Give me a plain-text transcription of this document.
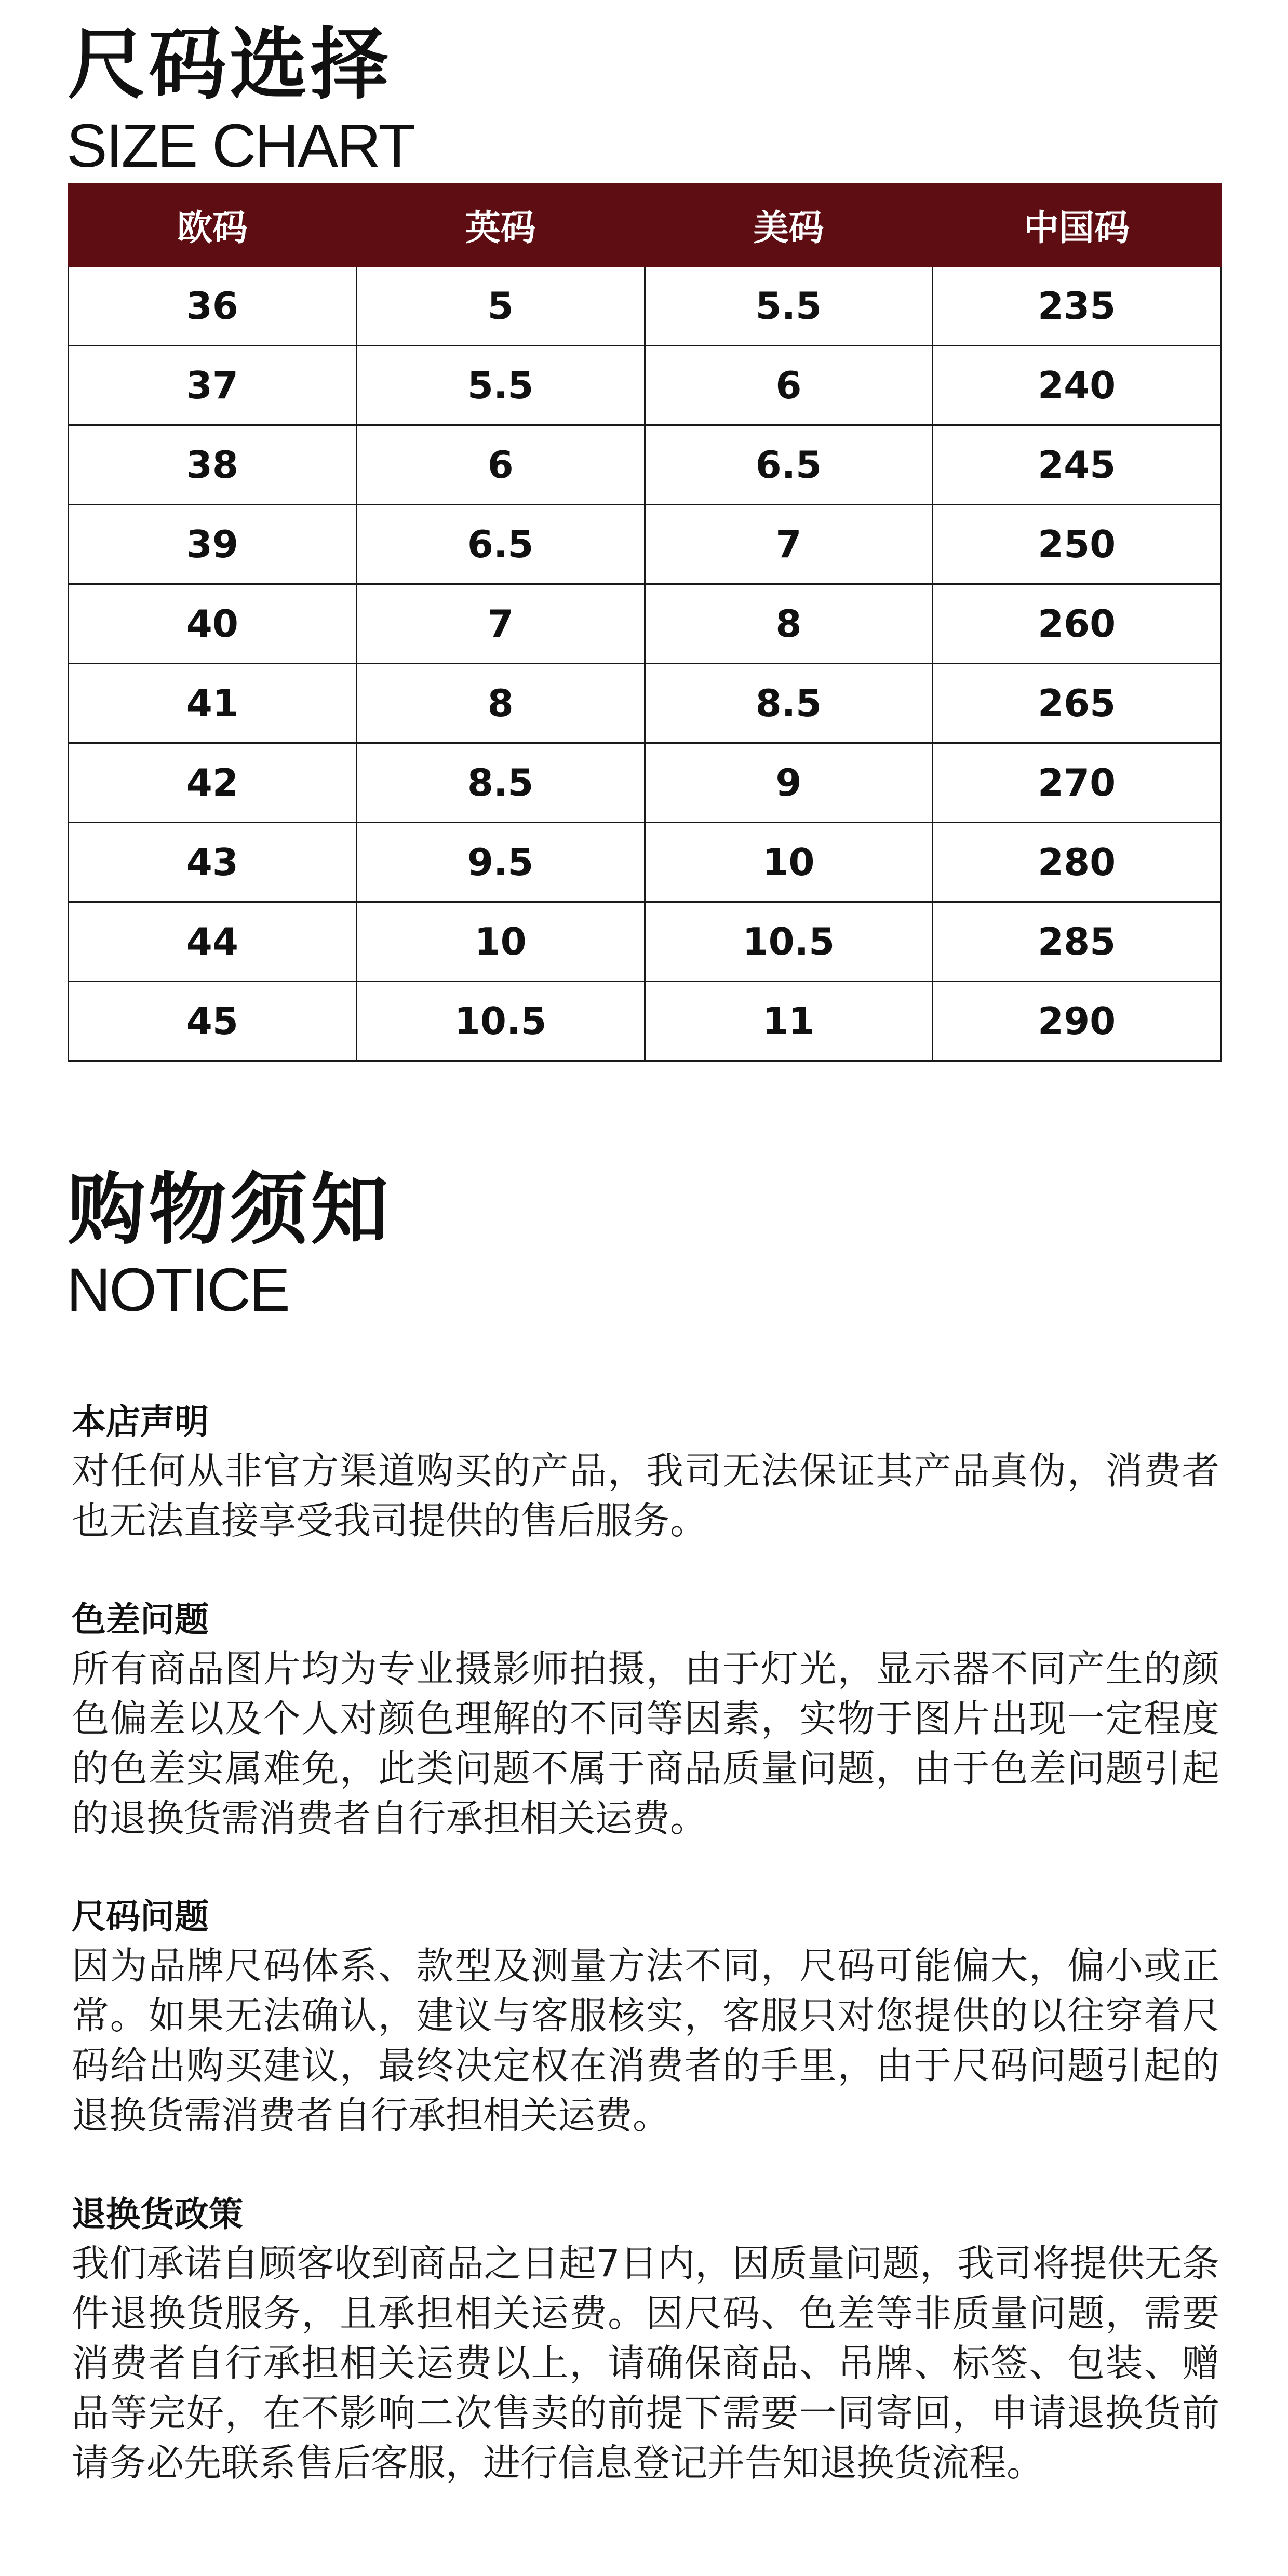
尺码选择
SIZE CHART
欧码	英码	美码	中国码
36	5	5.5	235
37	5.5	6	240
38	6	6.5	245
39	6.5	7	250
40	7	8	260
41	8	8.5	265
42	8.5	9	270
43	9.5	10	280
44	10	10.5	285
45	10.5	11	290
购物须知
NOTICE
本店声明

对任何从非官方渠道购买的产品，我司无法保证其产品真伪，消费者也无法直接享受我司提供的售后服务。

色差问题

所有商品图片均为专业摄影师拍摄，由于灯光，显示器不同产生的颜色偏差以及个人对颜色理解的不同等因素，实物于图片出现一定程度的色差实属难免，此类问题不属于商品质量问题，由于色差问题引起的退换货需消费者自行承担相关运费。

尺码问题

因为品牌尺码体系、款型及测量方法不同，尺码可能偏大，偏小或正常。如果无法确认，建议与客服核实，客服只对您提供的以往穿着尺码给出购买建议，最终决定权在消费者的手里，由于尺码问题引起的退换货需消费者自行承担相关运费。

退换货政策

我们承诺自顾客收到商品之日起7日内，因质量问题，我司将提供无条件退换货服务，且承担相关运费。因尺码、色差等非质量问题，需要消费者自行承担相关运费以上，请确保商品、吊牌、标签、包装、赠品等完好，在不影响二次售卖的前提下需要一同寄回，申请退换货前请务必先联系售后客服，进行信息登记并告知退换货流程。
